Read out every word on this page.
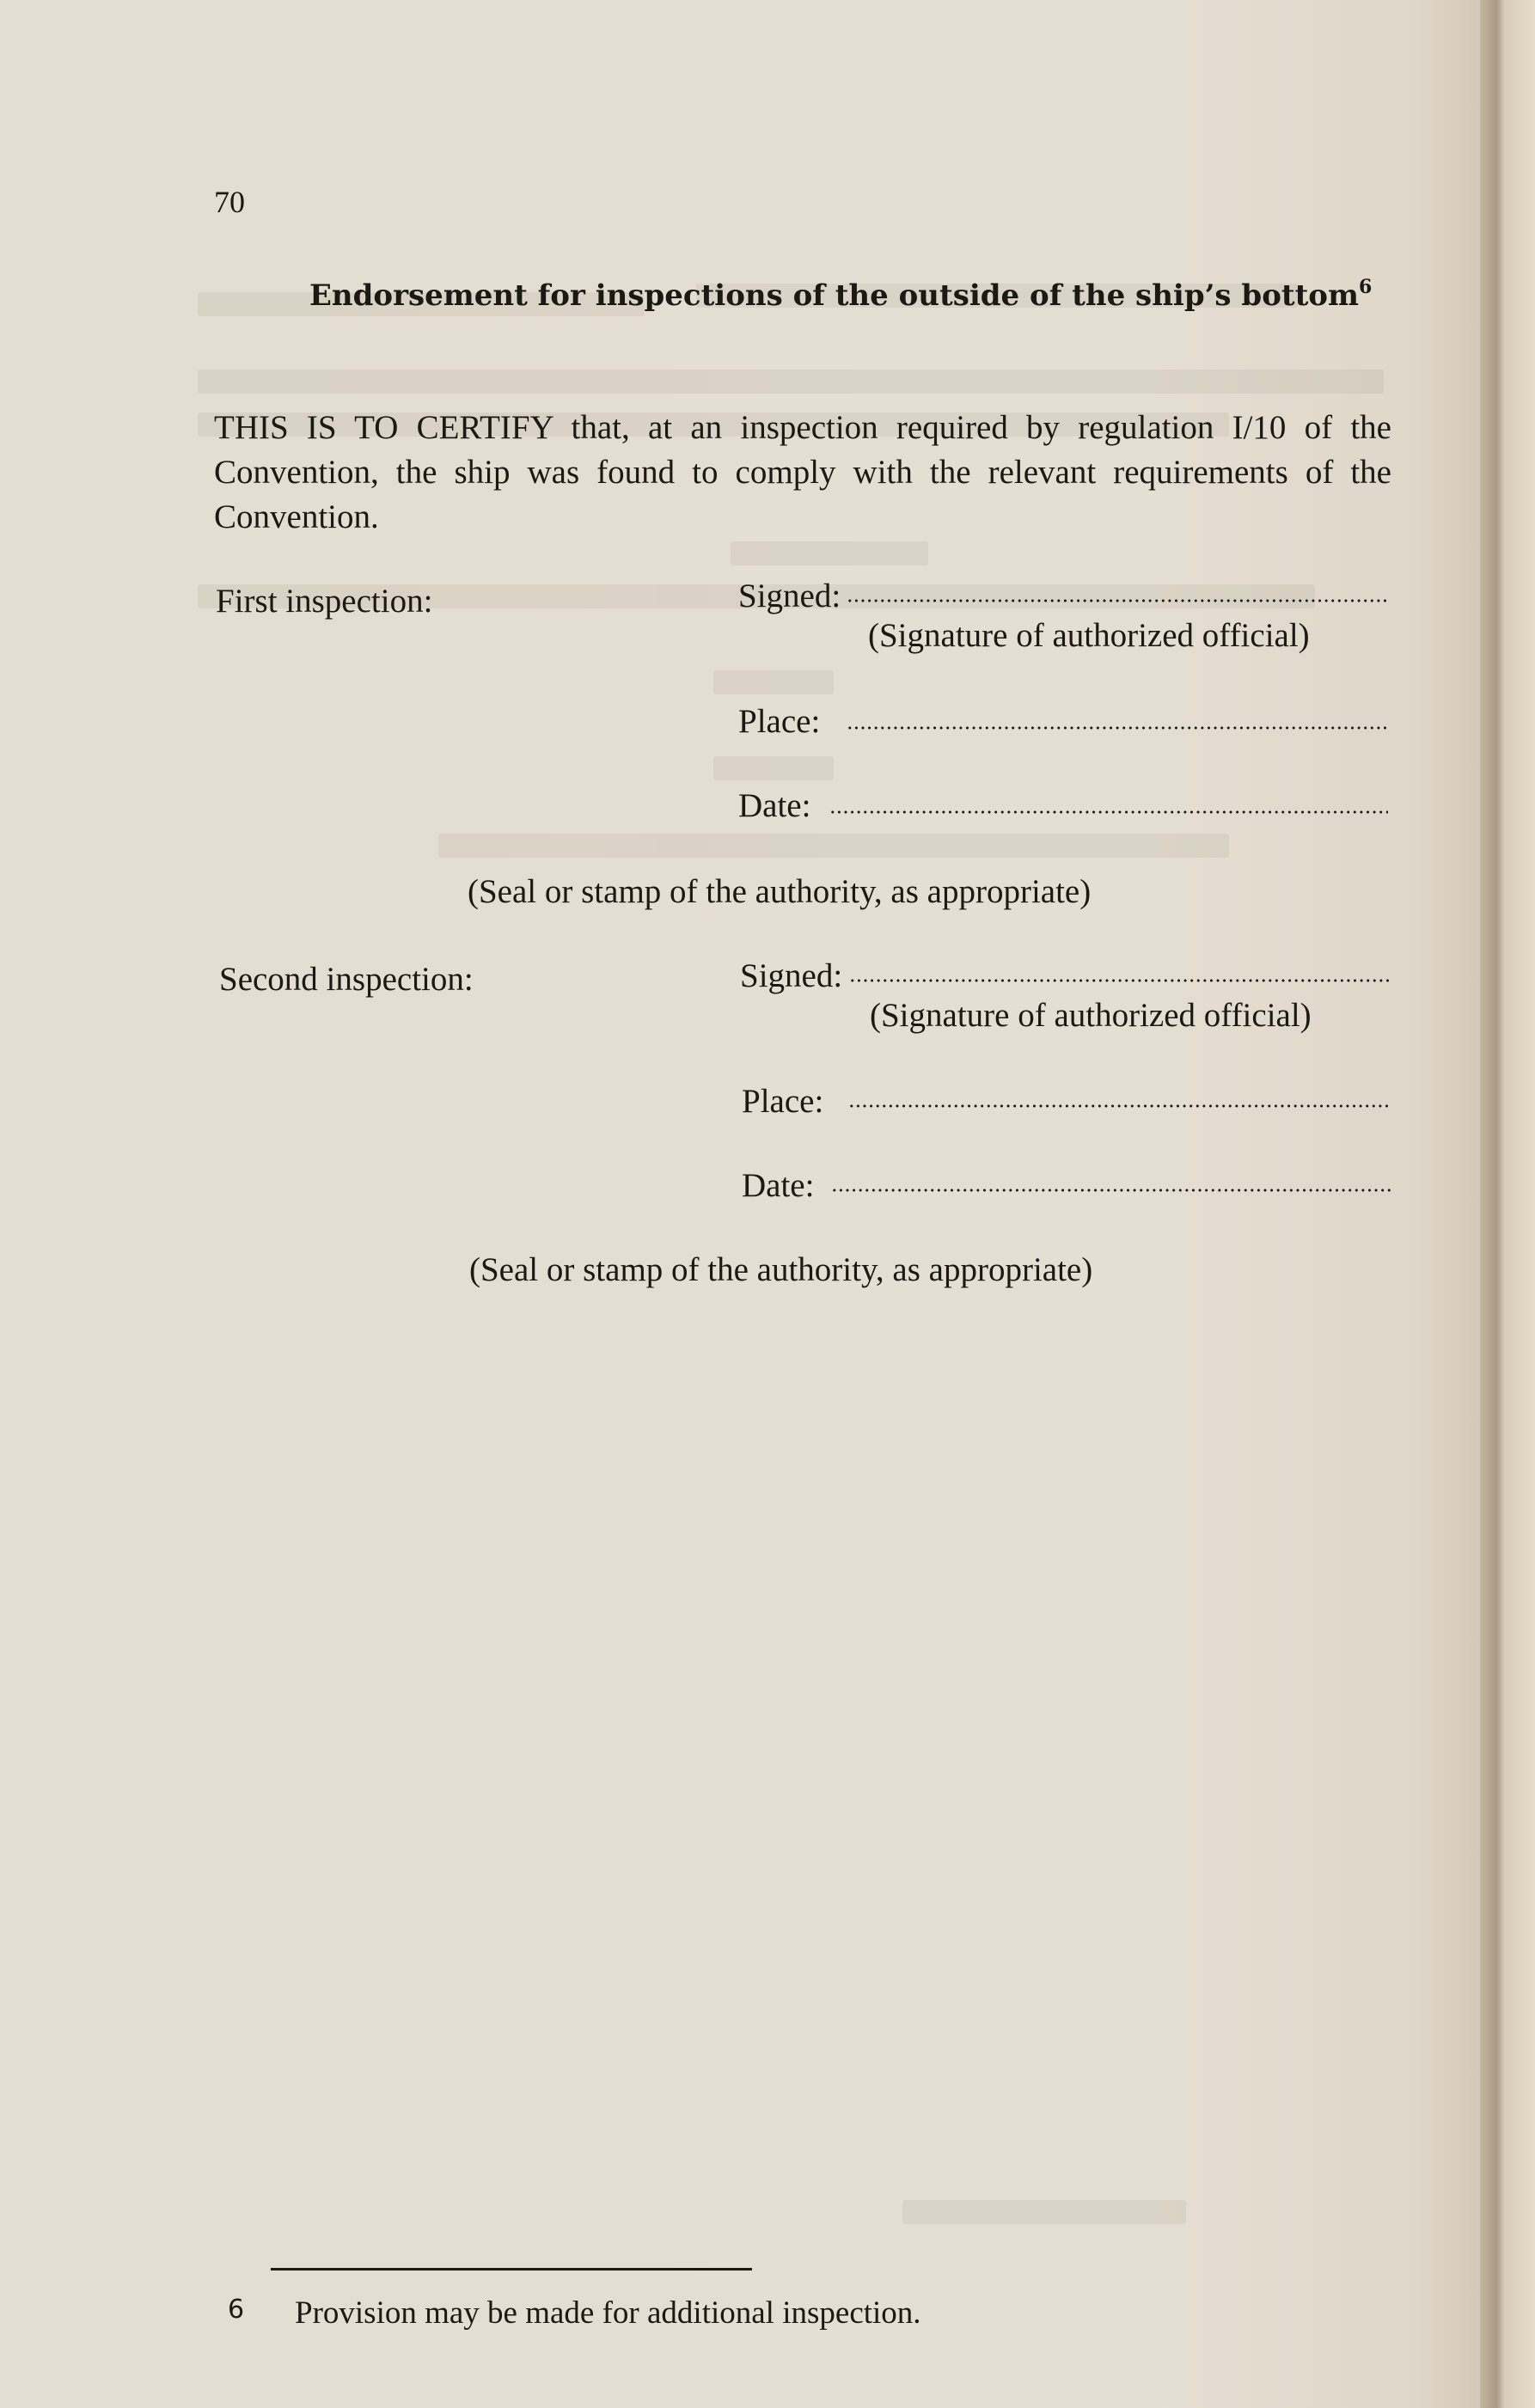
70
Endorsement for inspections of the outside of the ship’s bottom$^6$
THIS IS TO CERTIFY that, at an inspection required by regulation I/10 of the Convention, the ship was found to comply with the relevant requirements of the Convention.
First inspection:	Signed:
(Signature of authorized official)
Place:
Date:
(Seal or stamp of the authority, as appropriate)
Second inspection:	Signed:
(Signature of authorized official)
Place:
Date:
(Seal or stamp of the authority, as appropriate)
6 Provision may be made for additional inspection.
